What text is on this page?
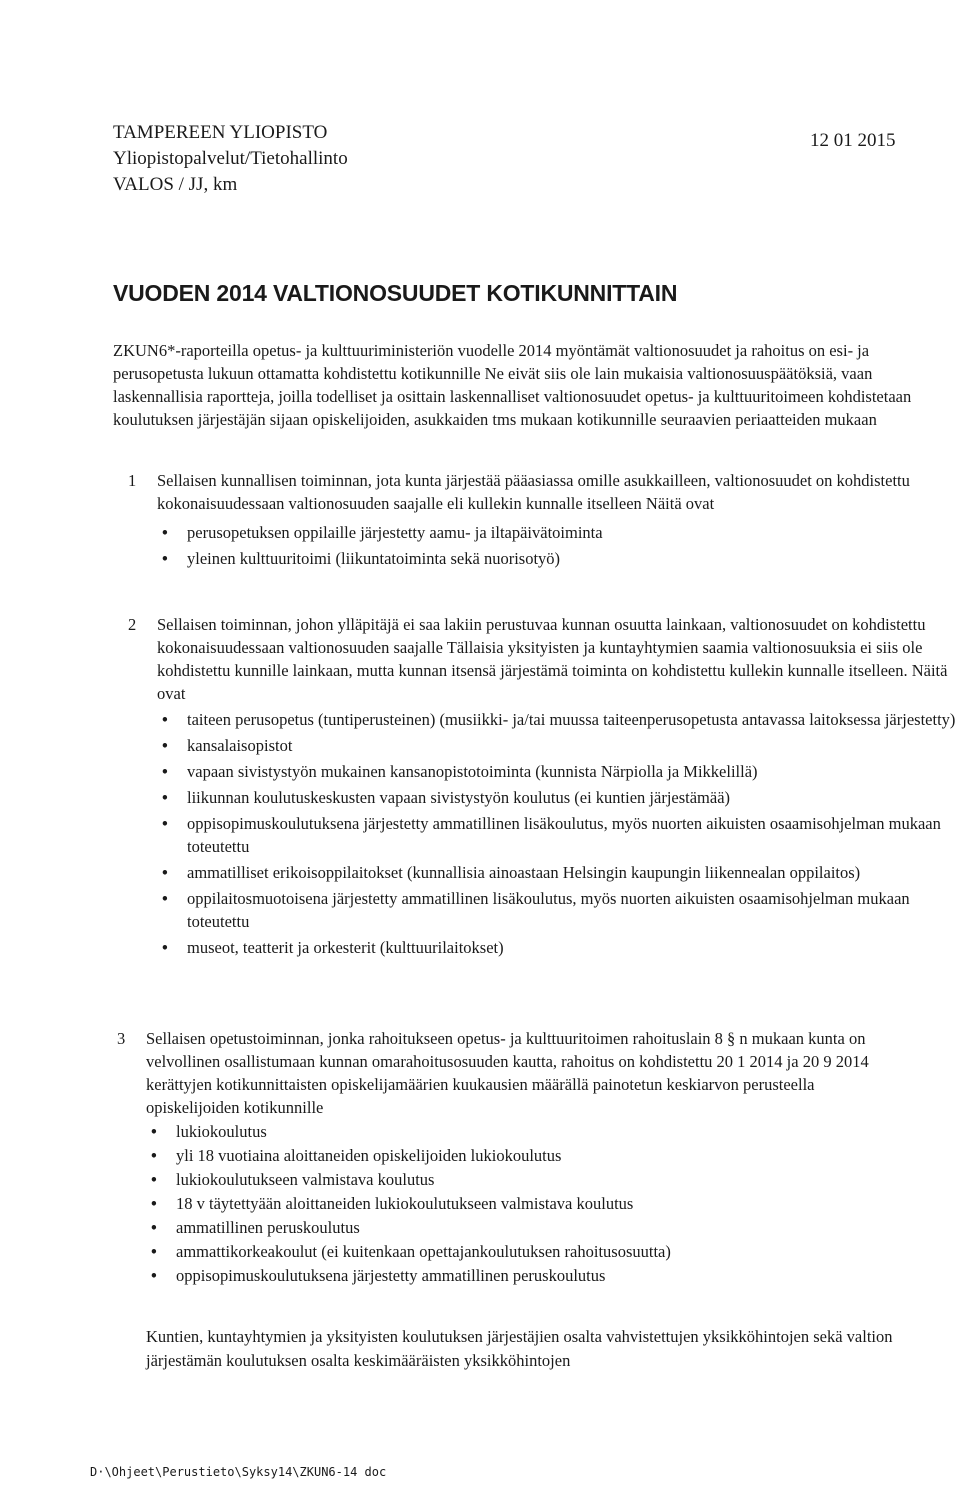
TAMPEREEN YLIOPISTO
Yliopistopalvelut/Tietohallinto
VALOS / JJ, km
12 01 2015
VUODEN 2014 VALTIONOSUUDET KOTIKUNNITTAIN

ZKUN6*-raporteilla opetus- ja kulttuuriministeriön vuodelle 2014 myöntämät valtionosuudet ja rahoitus on esi- ja perusopetusta lukuun ottamatta kohdistettu kotikunnille Ne eivät siis ole lain mukaisia valtionosuuspäätöksiä, vaan laskennallisia raportteja, joilla todelliset ja osittain laskennalliset valtionosuudet opetus- ja kulttuuritoimeen kohdistetaan koulutuksen järjestäjän sijaan opiskelijoiden, asukkaiden tms mukaan kotikunnille seuraavien periaatteiden mukaan

1 Sellaisen kunnallisen toiminnan, jota kunta järjestää pääasiassa omille asukkailleen, valtionosuudet on kohdistettu kokonaisuudessaan valtionosuuden saajalle eli kullekin kunnalle itselleen Näitä ovat

• perusopetuksen oppilaille järjestetty aamu- ja iltapäivätoiminta
• yleinen kulttuuritoimi (liikuntatoiminta sekä nuorisotyö)
2 Sellaisen toiminnan, johon ylläpitäjä ei saa lakiin perustuvaa kunnan osuutta lainkaan, valtionosuudet on kohdistettu kokonaisuudessaan valtionosuuden saajalle Tällaisia yksityisten ja kuntayhtymien saamia valtionosuuksia ei siis ole kohdistettu kunnille lainkaan, mutta kunnan itsensä järjestämä toiminta on kohdistettu kullekin kunnalle itselleen. Näitä ovat

• taiteen perusopetus (tuntiperusteinen) (musiikki- ja/tai muussa taiteenperusopetusta antavassa laitoksessa järjestetty)
• kansalaisopistot
• vapaan sivistystyön mukainen kansanopistotoiminta (kunnista Närpiolla ja Mikkelillä)
• liikunnan koulutuskeskusten vapaan sivistystyön koulutus (ei kuntien järjestämää)
• oppisopimuskoulutuksena järjestetty ammatillinen lisäkoulutus, myös nuorten aikuisten osaamisohjelman mukaan toteutettu
• ammatilliset erikoisoppilaitokset (kunnallisia ainoastaan Helsingin kaupungin liikennealan oppilaitos)
• oppilaitosmuotoisena järjestetty ammatillinen lisäkoulutus, myös nuorten aikuisten osaamisohjelman mukaan toteutettu
• museot, teatterit ja orkesterit (kulttuurilaitokset)
3 Sellaisen opetustoiminnan, jonka rahoitukseen opetus- ja kulttuuritoimen rahoituslain 8 § n mukaan kunta on velvollinen osallistumaan kunnan omarahoitusosuuden kautta, rahoitus on kohdistettu 20 1 2014 ja 20 9 2014 kerättyjen kotikunnittaisten opiskelijamäärien kuukausien määrällä painotetun keskiarvon perusteella opiskelijoiden kotikunnille

• lukiokoulutus
• yli 18 vuotiaina aloittaneiden opiskelijoiden lukiokoulutus
• lukiokoulutukseen valmistava koulutus
• 18 v täytettyään aloittaneiden lukiokoulutukseen valmistava koulutus
• ammatillinen peruskoulutus
• ammattikorkeakoulut (ei kuitenkaan opettajankoulutuksen rahoitusosuutta)
• oppisopimuskoulutuksena järjestetty ammatillinen peruskoulutus

Kuntien, kuntayhtymien ja yksityisten koulutuksen järjestäjien osalta vahvistettujen yksikköhintojen sekä valtion järjestämän koulutuksen osalta keskimääräisten yksikköhintojen

D·\Ohjeet\Perustieto\Syksy14\ZKUN6-14 doc
